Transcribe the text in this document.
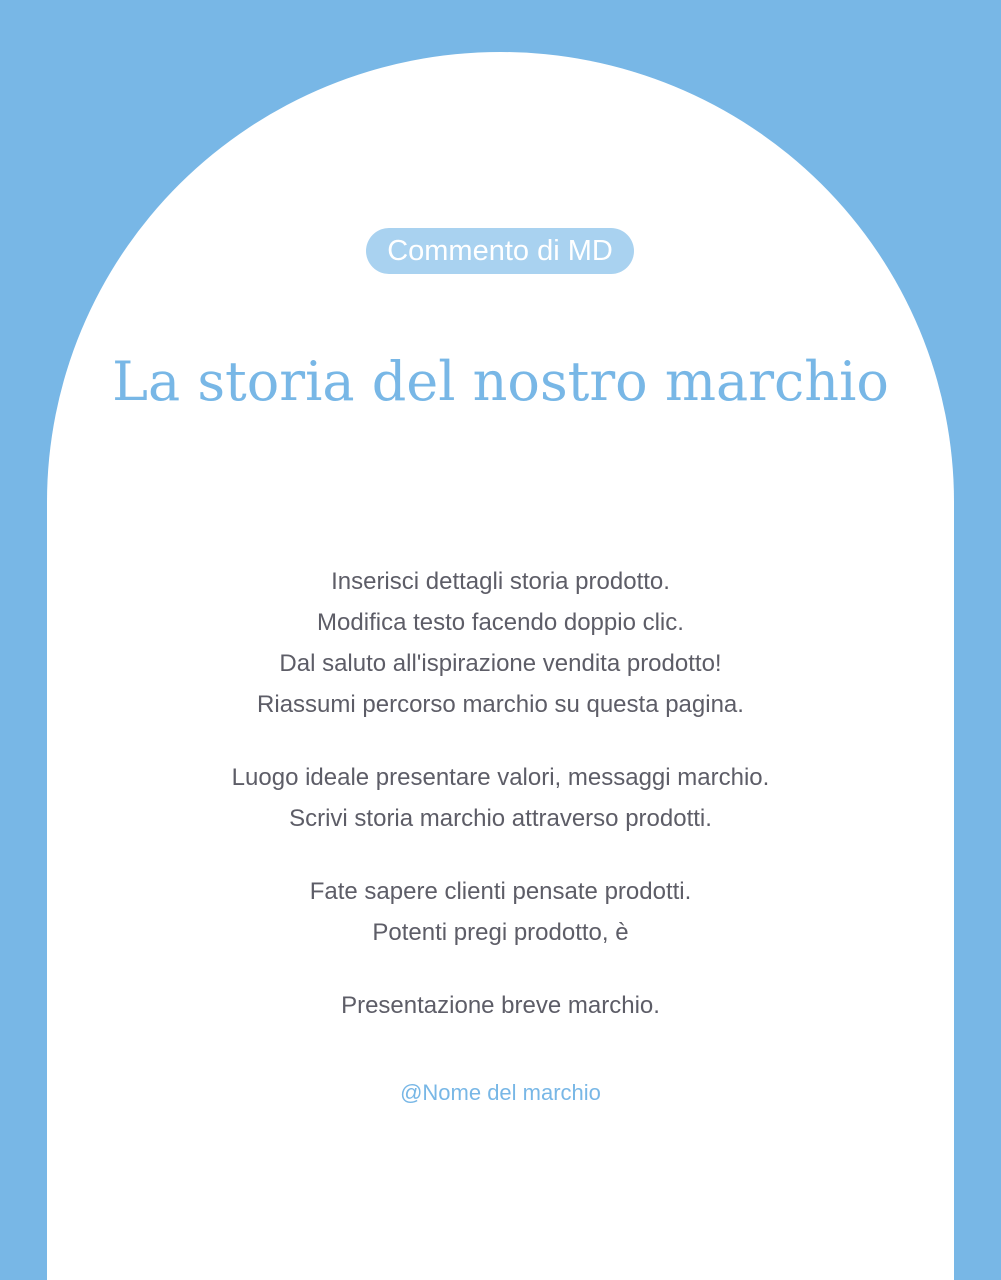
Commento di MD
La storia del nostro marchio

Inserisci dettagli storia prodotto.
Modifica testo facendo doppio clic.
Dal saluto all'ispirazione vendita prodotto!
Riassumi percorso marchio su questa pagina.

Luogo ideale presentare valori, messaggi marchio.
Scrivi storia marchio attraverso prodotti.

Fate sapere clienti pensate prodotti.
Potenti pregi prodotto, è

Presentazione breve marchio.

@Nome del marchio
